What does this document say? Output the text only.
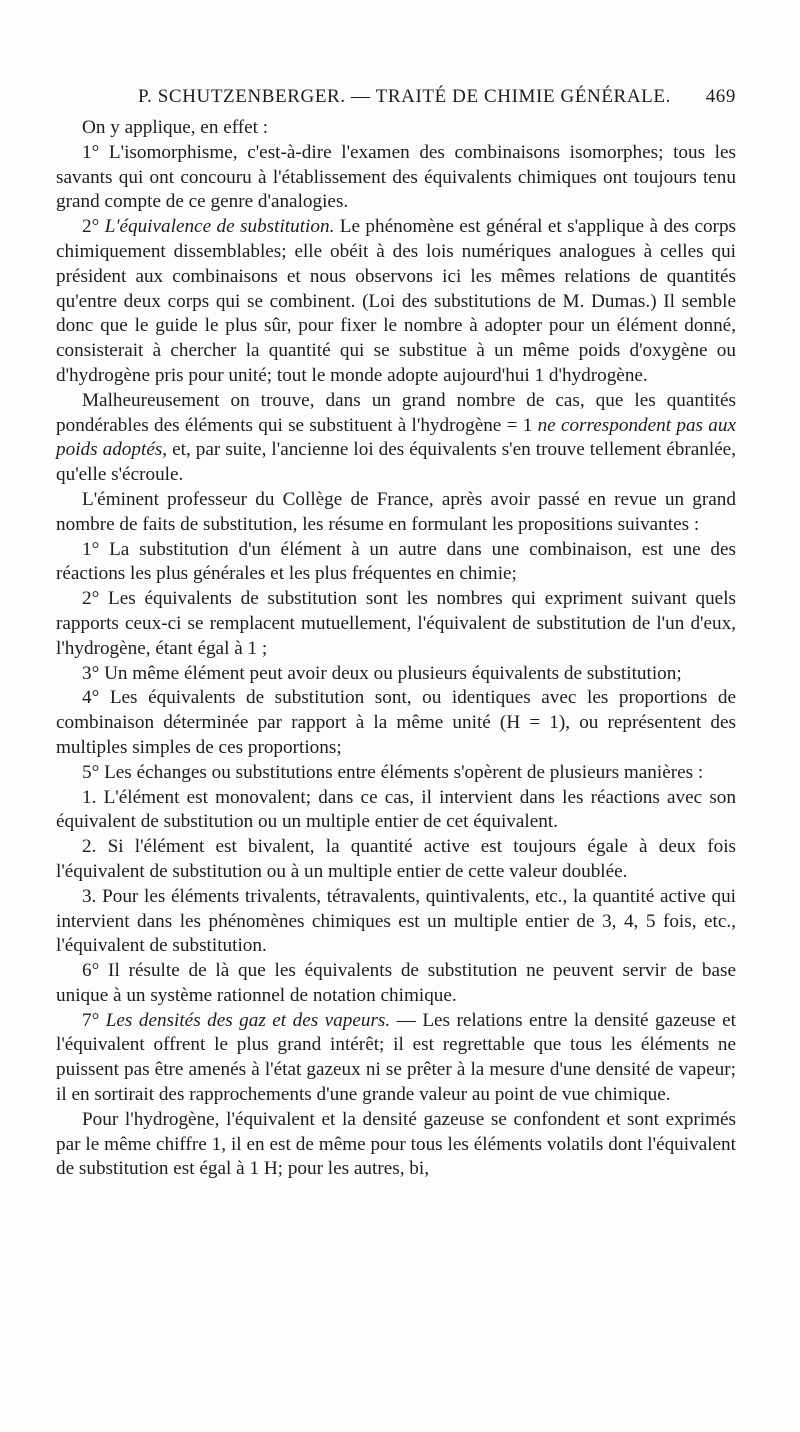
P. SCHUTZENBERGER. — TRAITÉ DE CHIMIE GÉNÉRALE. 469

On y applique, en effet :

1° L'isomorphisme, c'est-à-dire l'examen des combinaisons isomorphes; tous les savants qui ont concouru à l'établissement des équivalents chimiques ont toujours tenu grand compte de ce genre d'analogies.

2° L'équivalence de substitution. Le phénomène est général et s'applique à des corps chimiquement dissemblables; elle obéit à des lois numériques analogues à celles qui président aux combinaisons et nous observons ici les mêmes relations de quantités qu'entre deux corps qui se combinent. (Loi des substitutions de M. Dumas.) Il semble donc que le guide le plus sûr, pour fixer le nombre à adopter pour un élément donné, consisterait à chercher la quantité qui se substitue à un même poids d'oxygène ou d'hydrogène pris pour unité; tout le monde adopte aujourd'hui 1 d'hydrogène.

Malheureusement on trouve, dans un grand nombre de cas, que les quantités pondérables des éléments qui se substituent à l'hydrogène = 1 ne correspondent pas aux poids adoptés, et, par suite, l'ancienne loi des équivalents s'en trouve tellement ébranlée, qu'elle s'écroule.

L'éminent professeur du Collège de France, après avoir passé en revue un grand nombre de faits de substitution, les résume en formulant les propositions suivantes :

1° La substitution d'un élément à un autre dans une combinaison, est une des réactions les plus générales et les plus fréquentes en chimie;

2° Les équivalents de substitution sont les nombres qui expriment suivant quels rapports ceux-ci se remplacent mutuellement, l'équivalent de substitution de l'un d'eux, l'hydrogène, étant égal à 1 ;

3° Un même élément peut avoir deux ou plusieurs équivalents de substitution;

4° Les équivalents de substitution sont, ou identiques avec les proportions de combinaison déterminée par rapport à la même unité (H = 1), ou représentent des multiples simples de ces proportions;

5° Les échanges ou substitutions entre éléments s'opèrent de plusieurs manières :

1. L'élément est monovalent; dans ce cas, il intervient dans les réactions avec son équivalent de substitution ou un multiple entier de cet équivalent.

2. Si l'élément est bivalent, la quantité active est toujours égale à deux fois l'équivalent de substitution ou à un multiple entier de cette valeur doublée.

3. Pour les éléments trivalents, tétravalents, quintivalents, etc., la quantité active qui intervient dans les phénomènes chimiques est un multiple entier de 3, 4, 5 fois, etc., l'équivalent de substitution.

6° Il résulte de là que les équivalents de substitution ne peuvent servir de base unique à un système rationnel de notation chimique.

7° Les densités des gaz et des vapeurs. — Les relations entre la densité gazeuse et l'équivalent offrent le plus grand intérêt; il est regrettable que tous les éléments ne puissent pas être amenés à l'état gazeux ni se prêter à la mesure d'une densité de vapeur; il en sortirait des rapprochements d'une grande valeur au point de vue chimique.

Pour l'hydrogène, l'équivalent et la densité gazeuse se confondent et sont exprimés par le même chiffre 1, il en est de même pour tous les éléments volatils dont l'équivalent de substitution est égal à 1 H; pour les autres, bi,
